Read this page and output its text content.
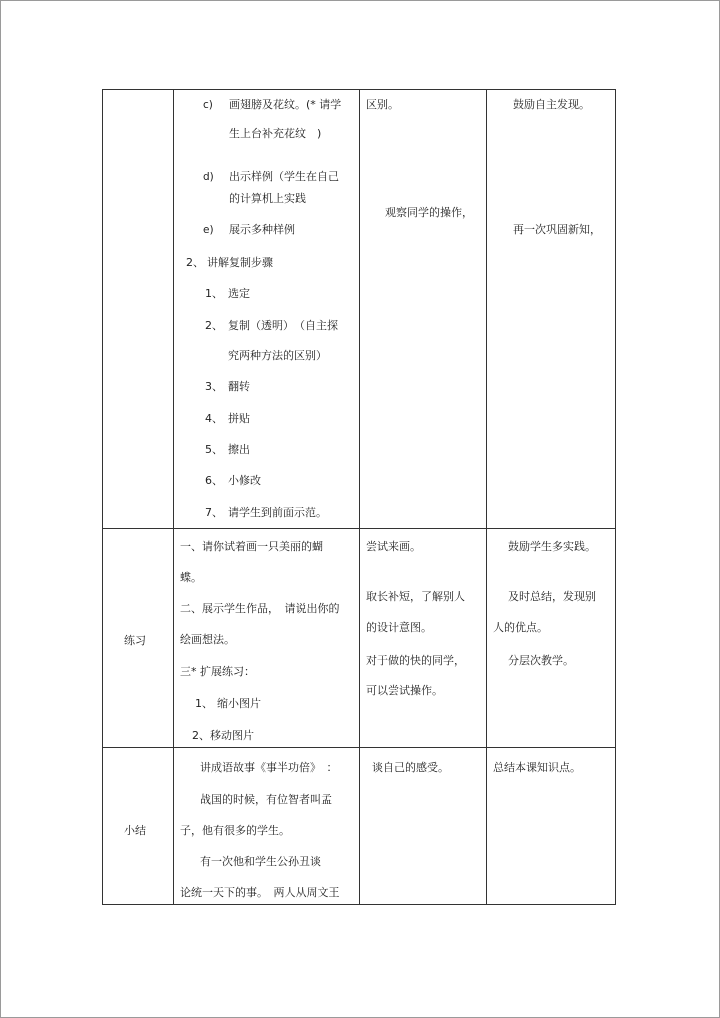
c) 画翅膀及花纹。(* 请学
生上台补充花纹　)
d) 出示样例（学生在自己
的计算机上实践
e) 展示多种样例
2、 讲解复制步骤
1、 选定
2、 复制（透明）　（自主探
究两种方法的区别）
3、 翻转
4、 拼贴
5、 擦出
6、 小修改
7、 请学生到前面示范。
区别。
观察同学的操作，
鼓励自主发现。
再一次巩固新知，
练习
一、请你试着画一只美丽的蝴
蝶。
二、展示学生作品，　请说出你的
绘画想法。
三* 扩展练习：
1、 缩小图片
2、移动图片
尝试来画。
取长补短，了解别人
的设计意图。
对于做的快的同学，
可以尝试操作。
鼓励学生多实践。
及时总结，发现别
人的优点。
分层次教学。
小结
讲成语故事《事半功倍》　：
战国的时候，有位智者叫孟
子，他有很多的学生。
有一次他和学生公孙丑谈
论统一天下的事。　两人从周文王
谈自己的感受。	总结本课知识点。
